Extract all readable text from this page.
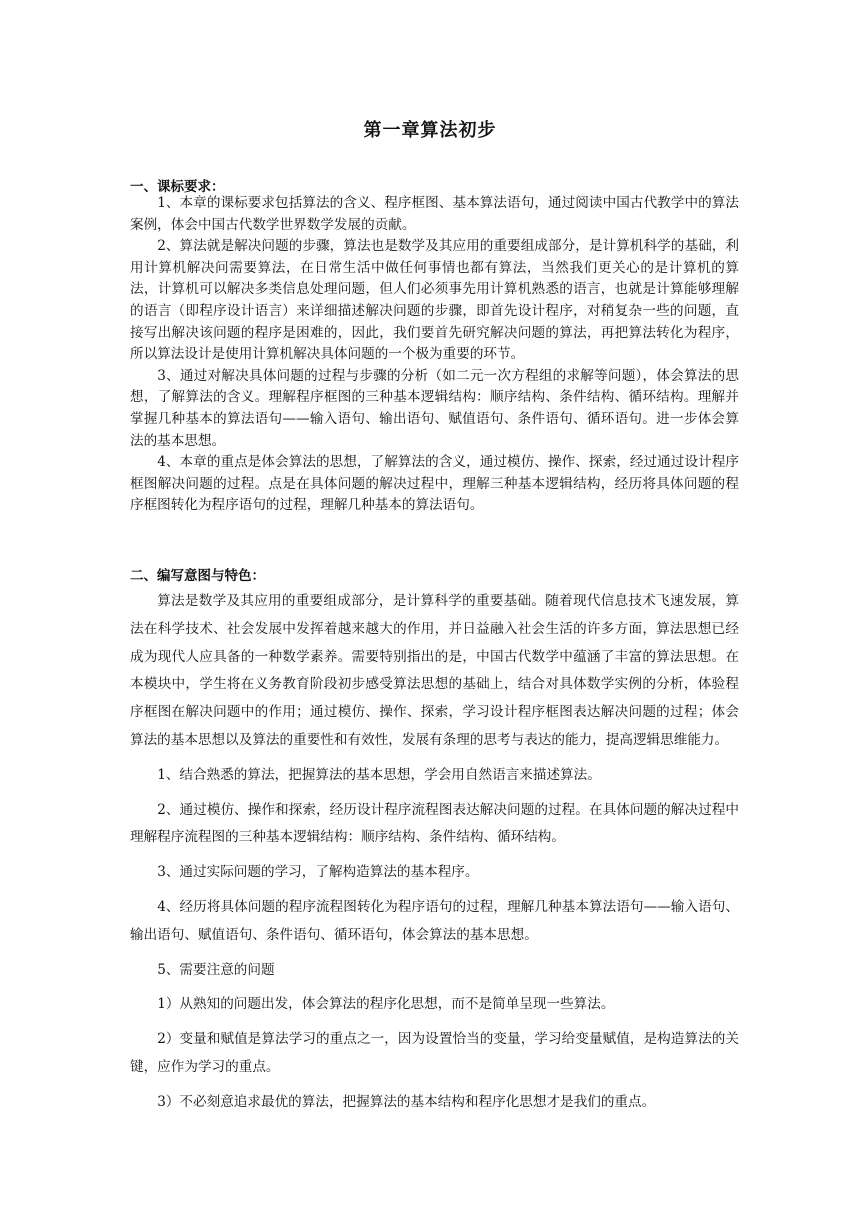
第一章算法初步
一、课标要求：

1、本章的课标要求包括算法的含义、程序框图、基本算法语句，通过阅读中国古代教学中的算法案例，体会中国古代数学世界数学发展的贡献。

2、算法就是解决问题的步骤，算法也是数学及其应用的重要组成部分，是计算机科学的基础，利用计算机解决问需要算法，在日常生活中做任何事情也都有算法，当然我们更关心的是计算机的算法，计算机可以解决多类信息处理问题，但人们必须事先用计算机熟悉的语言，也就是计算能够理解的语言（即程序设计语言）来详细描述解决问题的步骤，即首先设计程序，对稍复杂一些的问题，直接写出解决该问题的程序是困难的，因此，我们要首先研究解决问题的算法，再把算法转化为程序，所以算法设计是使用计算机解决具体问题的一个极为重要的环节。

3、通过对解决具体问题的过程与步骤的分析（如二元一次方程组的求解等问题），体会算法的思想，了解算法的含义。理解程序框图的三种基本逻辑结构：顺序结构、条件结构、循环结构。理解并掌握几种基本的算法语句——输入语句、输出语句、赋值语句、条件语句、循环语句。进一步体会算法的基本思想。

4、本章的重点是体会算法的思想，了解算法的含义，通过模仿、操作、探索，经过通过设计程序框图解决问题的过程。点是在具体问题的解决过程中，理解三种基本逻辑结构，经历将具体问题的程序框图转化为程序语句的过程，理解几种基本的算法语句。

二、编写意图与特色：

算法是数学及其应用的重要组成部分，是计算科学的重要基础。随着现代信息技术飞速发展，算法在科学技术、社会发展中发挥着越来越大的作用，并日益融入社会生活的许多方面，算法思想已经成为现代人应具备的一种数学素养。需要特别指出的是，中国古代数学中蕴涵了丰富的算法思想。在本模块中，学生将在义务教育阶段初步感受算法思想的基础上，结合对具体数学实例的分析，体验程序框图在解决问题中的作用；通过模仿、操作、探索，学习设计程序框图表达解决问题的过程；体会算法的基本思想以及算法的重要性和有效性，发展有条理的思考与表达的能力，提高逻辑思维能力。

1、结合熟悉的算法，把握算法的基本思想，学会用自然语言来描述算法。

2、通过模仿、操作和探索，经历设计程序流程图表达解决问题的过程。在具体问题的解决过程中理解程序流程图的三种基本逻辑结构：顺序结构、条件结构、循环结构。

3、通过实际问题的学习，了解构造算法的基本程序。

4、经历将具体问题的程序流程图转化为程序语句的过程，理解几种基本算法语句——输入语句、输出语句、赋值语句、条件语句、循环语句，体会算法的基本思想。

5、需要注意的问题

1）从熟知的问题出发，体会算法的程序化思想，而不是简单呈现一些算法。

2）变量和赋值是算法学习的重点之一，因为设置恰当的变量，学习给变量赋值，是构造算法的关键，应作为学习的重点。

3）不必刻意追求最优的算法，把握算法的基本结构和程序化思想才是我们的重点。
